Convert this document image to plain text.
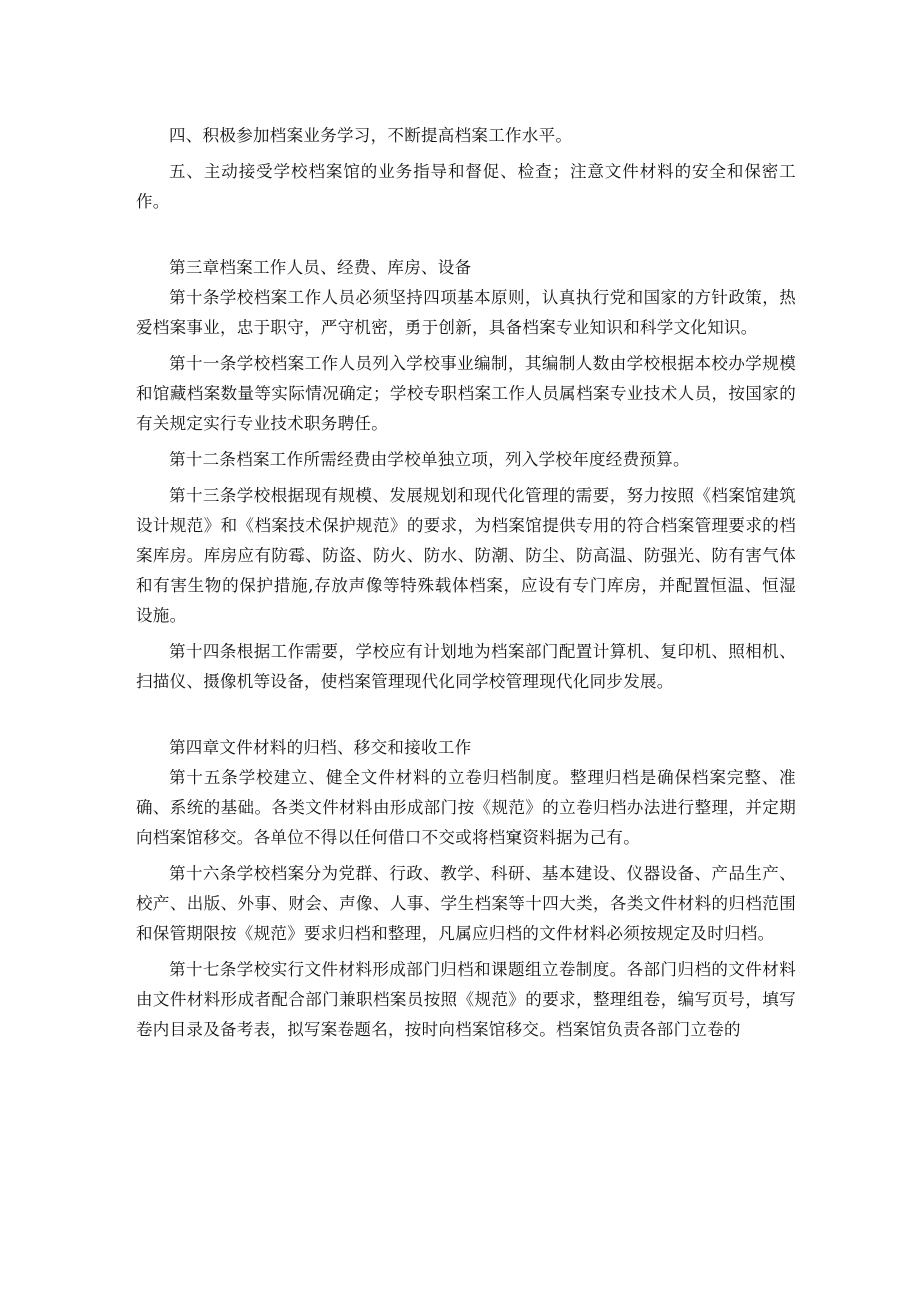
四、积极参加档案业务学习，不断提高档案工作水平。

五、主动接受学校档案馆的业务指导和督促、检查；注意文件材料的安全和保密工作。

第三章档案工作人员、经费、库房、设备

第十条学校档案工作人员必须坚持四项基本原则，认真执行党和国家的方针政策，热爱档案事业，忠于职守，严守机密，勇于创新，具备档案专业知识和科学文化知识。

第十一条学校档案工作人员列入学校事业编制，其编制人数由学校根据本校办学规模和馆藏档案数量等实际情况确定；学校专职档案工作人员属档案专业技术人员，按国家的有关规定实行专业技术职务聘任。

第十二条档案工作所需经费由学校单独立项，列入学校年度经费预算。

第十三条学校根据现有规模、发展规划和现代化管理的需要，努力按照《档案馆建筑设计规范》和《档案技术保护规范》的要求，为档案馆提供专用的符合档案管理要求的档案库房。库房应有防霉、防盗、防火、防水、防潮、防尘、防高温、防强光、防有害气体和有害生物的保护措施,存放声像等特殊载体档案，应设有专门库房，并配置恒温、恒湿设施。

第十四条根据工作需要，学校应有计划地为档案部门配置计算机、复印机、照相机、扫描仪、摄像机等设备，使档案管理现代化同学校管理现代化同步发展。

第四章文件材料的归档、移交和接收工作

第十五条学校建立、健全文件材料的立卷归档制度。整理归档是确保档案完整、准确、系统的基础。各类文件材料由形成部门按《规范》的立卷归档办法进行整理，并定期向档案馆移交。各单位不得以任何借口不交或将档窠资料据为己有。

第十六条学校档案分为党群、行政、教学、科研、基本建设、仪器设备、产品生产、校产、出版、外事、财会、声像、人事、学生档案等十四大类，各类文件材料的归档范围和保管期限按《规范》要求归档和整理，凡属应归档的文件材料必须按规定及时归档。

第十七条学校实行文件材料形成部门归档和课题组立卷制度。各部门归档的文件材料由文件材料形成者配合部门兼职档案员按照《规范》的要求，整理组卷，编写页号，填写卷内目录及备考表，拟写案卷题名，按时向档案馆移交。档案馆负责各部门立卷的
